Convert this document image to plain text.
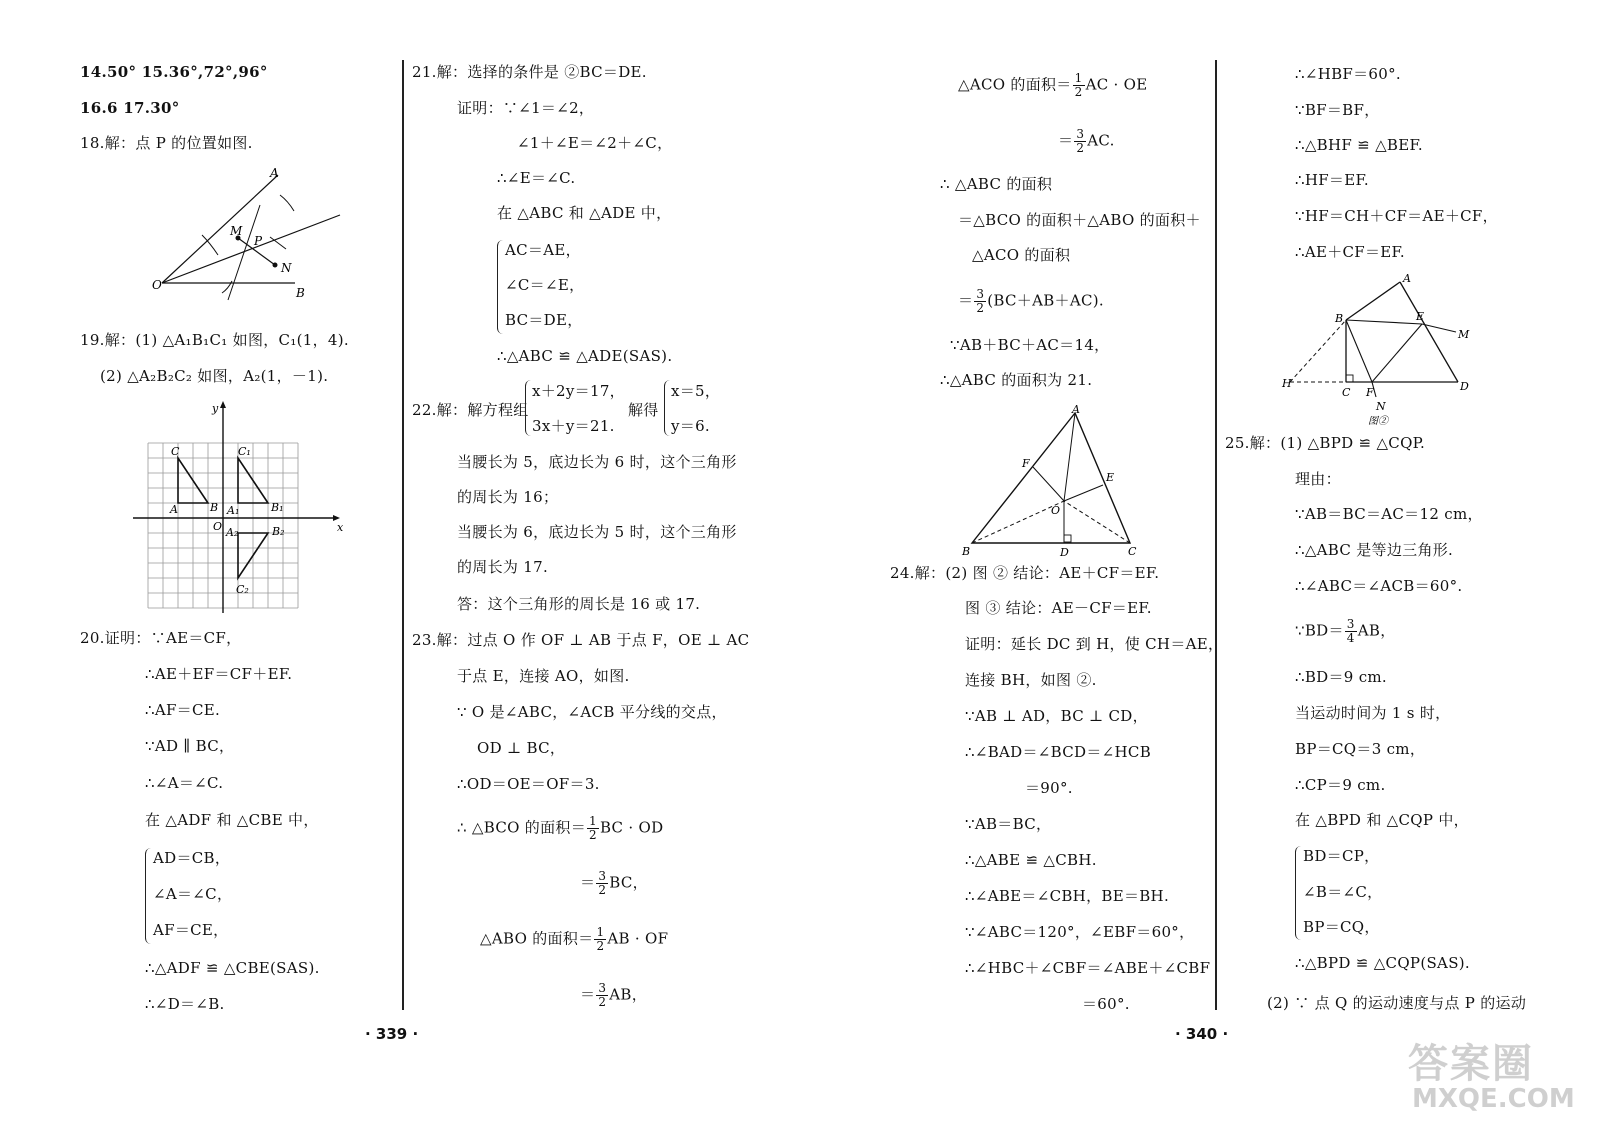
14.50° 15.36°,72°,96°
16.6 17.30°
18.解：点 P 的位置如图.
A
B
O
M
N
P
19.解：(1) △A₁B₁C₁ 如图，C₁(1，4).
(2) △A₂B₂C₂ 如图，A₂(1，－1).
x
y
O
C
A	B
C₁
A₁	B₁
A₂	B₂
C₂
20.证明：∵AE＝CF，
∴AE＋EF＝CF＋EF.
∴AF＝CE.
∵AD ∥ BC，
∴∠A＝∠C.
在 △ADF 和 △CBE 中，
AD＝CB，
∠A＝∠C，
AF＝CE，
∴△ADF ≌ △CBE(SAS).
∴∠D＝∠B.
21.解：选择的条件是 ②BC＝DE.
证明：∵∠1＝∠2，
∠1＋∠E＝∠2＋∠C，
∴∠E＝∠C.
在 △ABC 和 △ADE 中，
AC＝AE，
∠C＝∠E，
BC＝DE，
∴△ABC ≌ △ADE(SAS).
22.解：解方程组
x＋2y＝17，
3x＋y＝21.
解得
x＝5，
y＝6.
当腰长为 5，底边长为 6 时，这个三角形
的周长为 16；
当腰长为 6，底边长为 5 时，这个三角形
的周长为 17.
答：这个三角形的周长是 16 或 17.
23.解：过点 O 作 OF ⊥ AB 于点 F，OE ⊥ AC
于点 E，连接 AO，如图.
∵ O 是∠ABC，∠ACB 平分线的交点，
OD ⊥ BC，
∴OD＝OE＝OF＝3.
∴ △BCO 的面积＝ $\frac{1}{2}$ BC · OD
＝ $\frac{3}{2}$ BC，
△ABO 的面积＝ $\frac{1}{2}$ AB · OF
＝ $\frac{3}{2}$ AB，
· 339 ·
△ACO 的面积＝ $\frac{1}{2}$ AC · OE
＝ $\frac{3}{2}$ AC.
∴ △ABC 的面积
＝△BCO 的面积＋△ABO 的面积＋
△ACO 的面积
＝ $\frac{3}{2} (BC+AB+AC)$.
∵AB＋BC＋AC＝14，
∴△ABC 的面积为 21.
A
B	C
D
E
F
O
24.解：(2) 图 ② 结论：AE＋CF＝EF.
图 ③ 结论：AE－CF＝EF.
证明：延长 DC 到 H，使 CH＝AE，
连接 BH，如图 ②.
∵AB ⊥ AD，BC ⊥ CD，
∴∠BAD＝∠BCD＝∠HCB
＝90°.
∵AB＝BC，
∴△ABE ≌ △CBH.
∴∠ABE＝∠CBH，BE＝BH.
∵∠ABC＝120°，∠EBF＝60°，
∴∠HBC＋∠CBF＝∠ABE＋∠CBF
＝60°.
∴∠HBF＝60°.
∵BF＝BF，
∴△BHF ≌ △BEF.
∴HF＝EF.
∵HF＝CH＋CF＝AE＋CF，
∴AE＋CF＝EF.
A
B
C	D
E
F
H
M
N
图②
25.解：(1) △BPD ≌ △CQP.
理由：
∵AB＝BC＝AC＝12 cm，
∴△ABC 是等边三角形.
∴∠ABC＝∠ACB＝60°.
∵BD＝ $\frac{3}{4}$ AB，
∴BD＝9 cm.
当运动时间为 1 s 时，
BP＝CQ＝3 cm，
∴CP＝9 cm.
在 △BPD 和 △CQP 中，
BD＝CP，
∠B＝∠C，
BP＝CQ，
∴△BPD ≌ △CQP(SAS).
(2) ∵ 点 Q 的运动速度与点 P 的运动
· 340 ·
答案圈
MXQE.COM
